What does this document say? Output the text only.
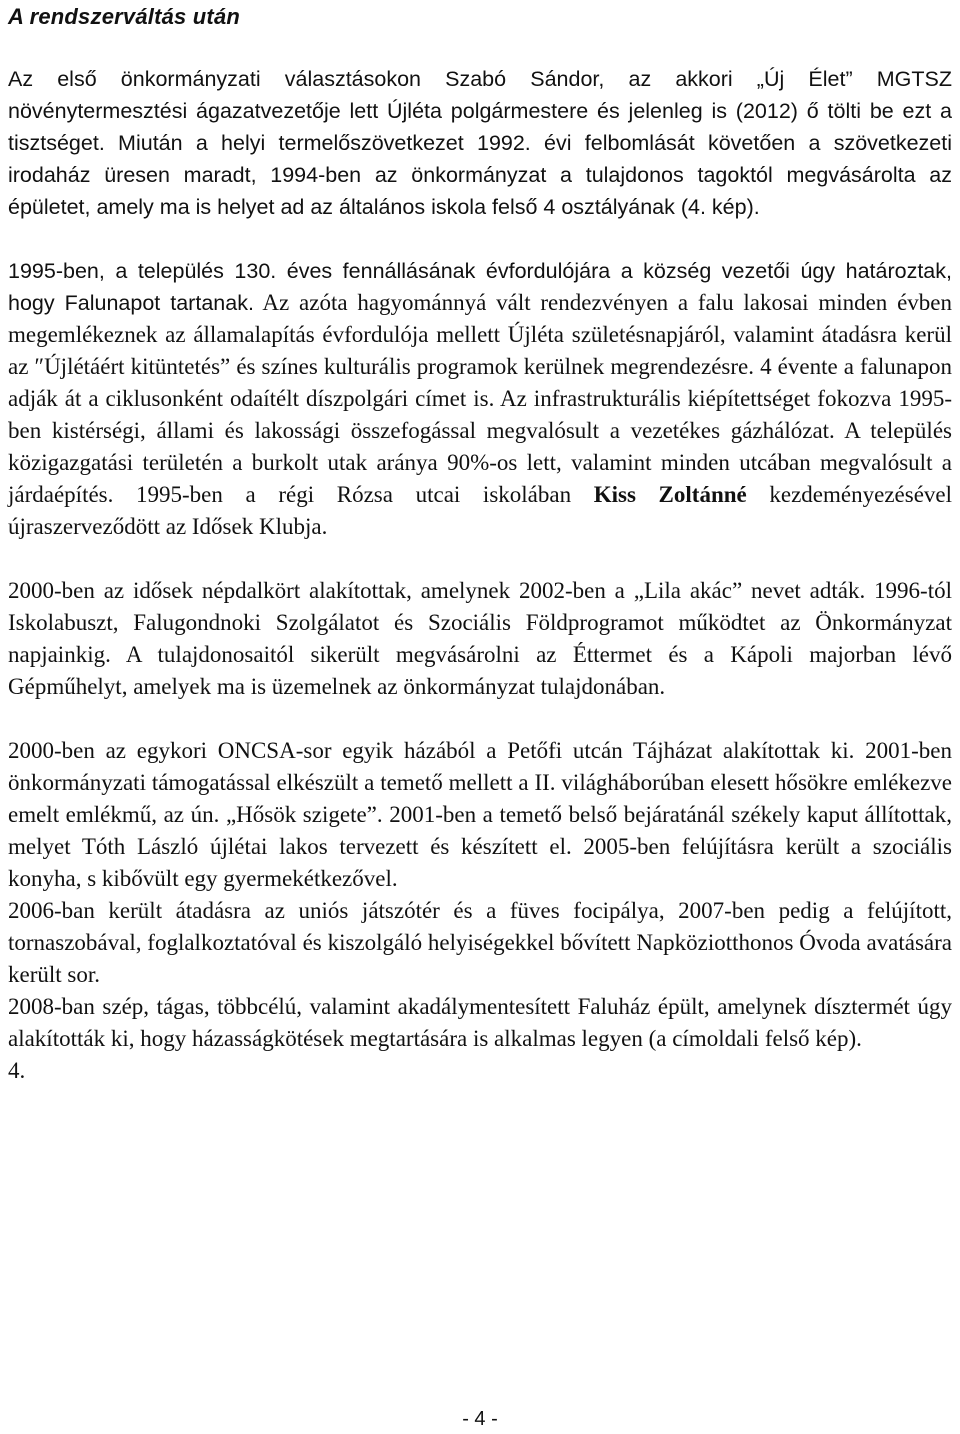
A rendszerváltás után

Az első önkormányzati választásokon Szabó Sándor, az akkori „Új Élet” MGTSZ növénytermesztési ágazatvezetője lett Újléta polgármestere és jelenleg is (2012) ő tölti be ezt a tisztséget. Miután a helyi termelőszövetkezet 1992. évi felbomlását követően a szövetkezeti irodaház üresen maradt, 1994-ben az önkormányzat a tulajdonos tagoktól megvásárolta az épületet, amely ma is helyet ad az általános iskola felső 4 osztályának (4. kép).

1995-ben, a település 130. éves fennállásának évfordulójára a község vezetői úgy határoztak, hogy Falunapot tartanak. Az azóta hagyománnyá vált rendezvényen a falu lakosai minden évben megemlékeznek az államalapítás évfordulója mellett Újléta születésnapjáról, valamint átadásra kerül az ″Újlétáért kitüntetés” és színes kulturális programok kerülnek megrendezésre. 4 évente a falunapon adják át a ciklusonként odaítélt díszpolgári címet is. Az infrastrukturális kiépítettséget fokozva 1995-ben kistérségi, állami és lakossági összefogással megvalósult a vezetékes gázhálózat. A település közigazgatási területén a burkolt utak aránya 90%-os lett, valamint minden utcában megvalósult a járdaépítés. 1995-ben a régi Rózsa utcai iskolában Kiss Zoltánné kezdeményezésével újraszerveződött az Idősek Klubja.

2000-ben az idősek népdalkört alakítottak, amelynek 2002-ben a „Lila akác” nevet adták. 1996-tól Iskolabuszt, Falugondnoki Szolgálatot és Szociális Földprogramot működtet az Önkormányzat napjainkig. A tulajdonosaitól sikerült megvásárolni az Éttermet és a Kápoli majorban lévő Gépműhelyt, amelyek ma is üzemelnek az önkormányzat tulajdonában.

2000-ben az egykori ONCSA-sor egyik házából a Petőfi utcán Tájházat alakítottak ki. 2001-ben önkormányzati támogatással elkészült a temető mellett a II. világháborúban elesett hősökre emlékezve emelt emlékmű, az ún. „Hősök szigete”. 2001-ben a temető belső bejáratánál székely kaput állítottak, melyet Tóth László újlétai lakos tervezett és készített el. 2005-ben felújításra került a szociális konyha, s kibővült egy gyermekétkezővel.

2006-ban került átadásra az uniós játszótér és a füves focipálya, 2007-ben pedig a felújított, tornaszobával, foglalkoztatóval és kiszolgáló helyiségekkel bővített Napköziotthonos Óvoda avatására került sor.

2008-ban szép, tágas, többcélú, valamint akadálymentesített Faluház épült, amelynek dísztermét úgy alakították ki, hogy házasságkötések megtartására is alkalmas legyen (a címoldali felső kép).

4.

- 4 -
